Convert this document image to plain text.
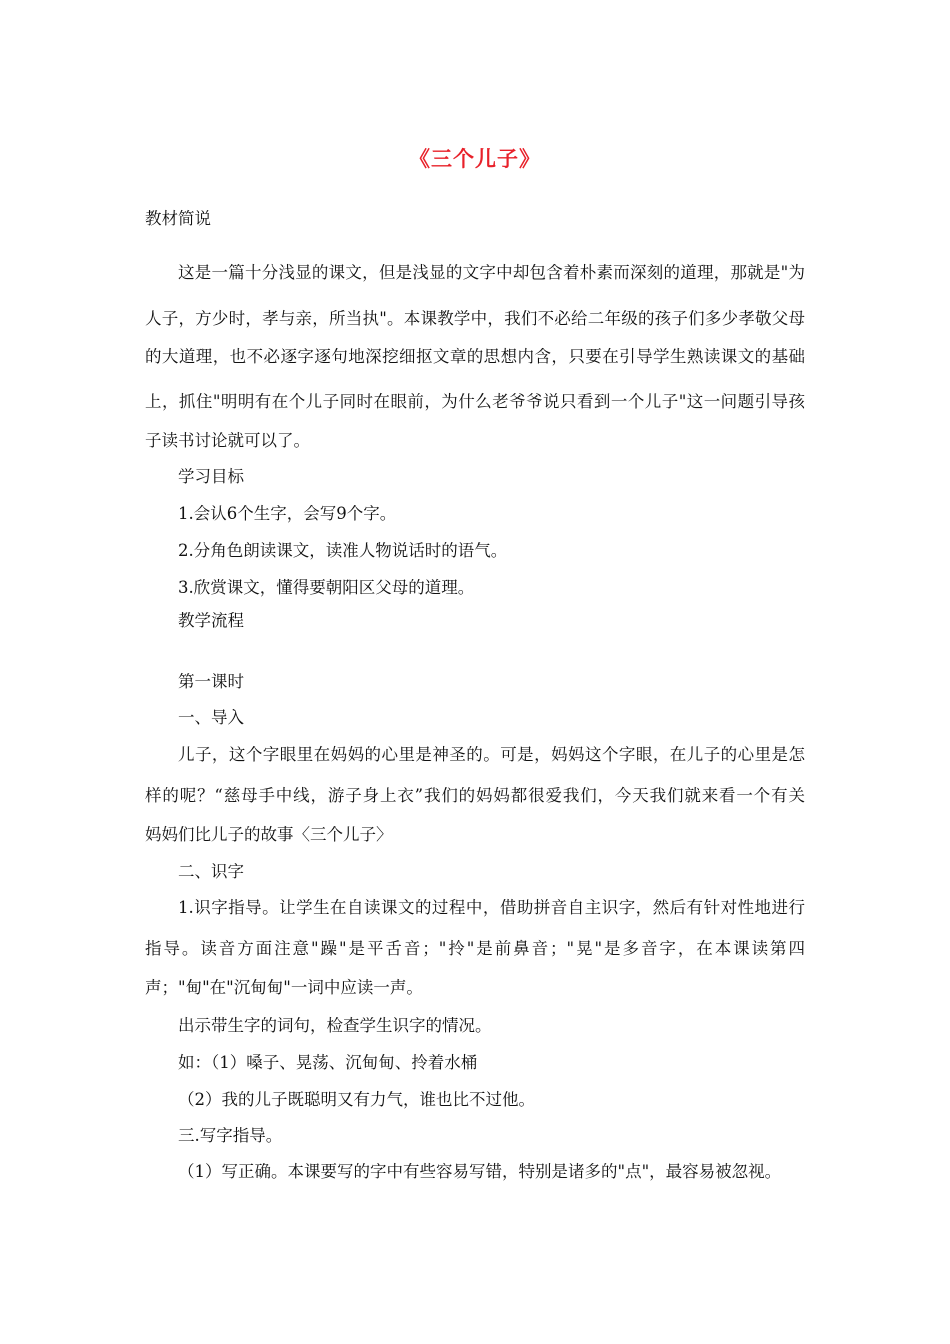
《三个儿子》
教材简说
这是一篇十分浅显的课文，但是浅显的文字中却包含着朴素而深刻的道理，那就是"为
人子，方少时，孝与亲，所当执"。本课教学中，我们不必给二年级的孩子们多少孝敬父母
的大道理，也不必逐字逐句地深挖细抠文章的思想内含，只要在引导学生熟读课文的基础
上，抓住"明明有在个儿子同时在眼前，为什么老爷爷说只看到一个儿子"这一问题引导孩
子读书讨论就可以了。
学习目标
1.会认6个生字，会写9个字。
2.分角色朗读课文，读准人物说话时的语气。
3.欣赏课文，懂得要朝阳区父母的道理。
教学流程
第一课时
一、导入
儿子，这个字眼里在妈妈的心里是神圣的。可是，妈妈这个字眼，在儿子的心里是怎
样的呢？“慈母手中线，游子身上衣”我们的妈妈都很爱我们，今天我们就来看一个有关
妈妈们比儿子的故事〈三个儿子〉
二、识字
1.识字指导。让学生在自读课文的过程中，借助拼音自主识字，然后有针对性地进行
指导。读音方面注意"躁"是平舌音；"拎"是前鼻音；"晃"是多音字，在本课读第四
声；"甸"在"沉甸甸"一词中应读一声。
出示带生字的词句，检查学生识字的情况。
如：（1）嗓子、晃荡、沉甸甸、拎着水桶
（2）我的儿子既聪明又有力气，谁也比不过他。
三.写字指导。
（1）写正确。本课要写的字中有些容易写错，特别是诸多的"点"，最容易被忽视。
